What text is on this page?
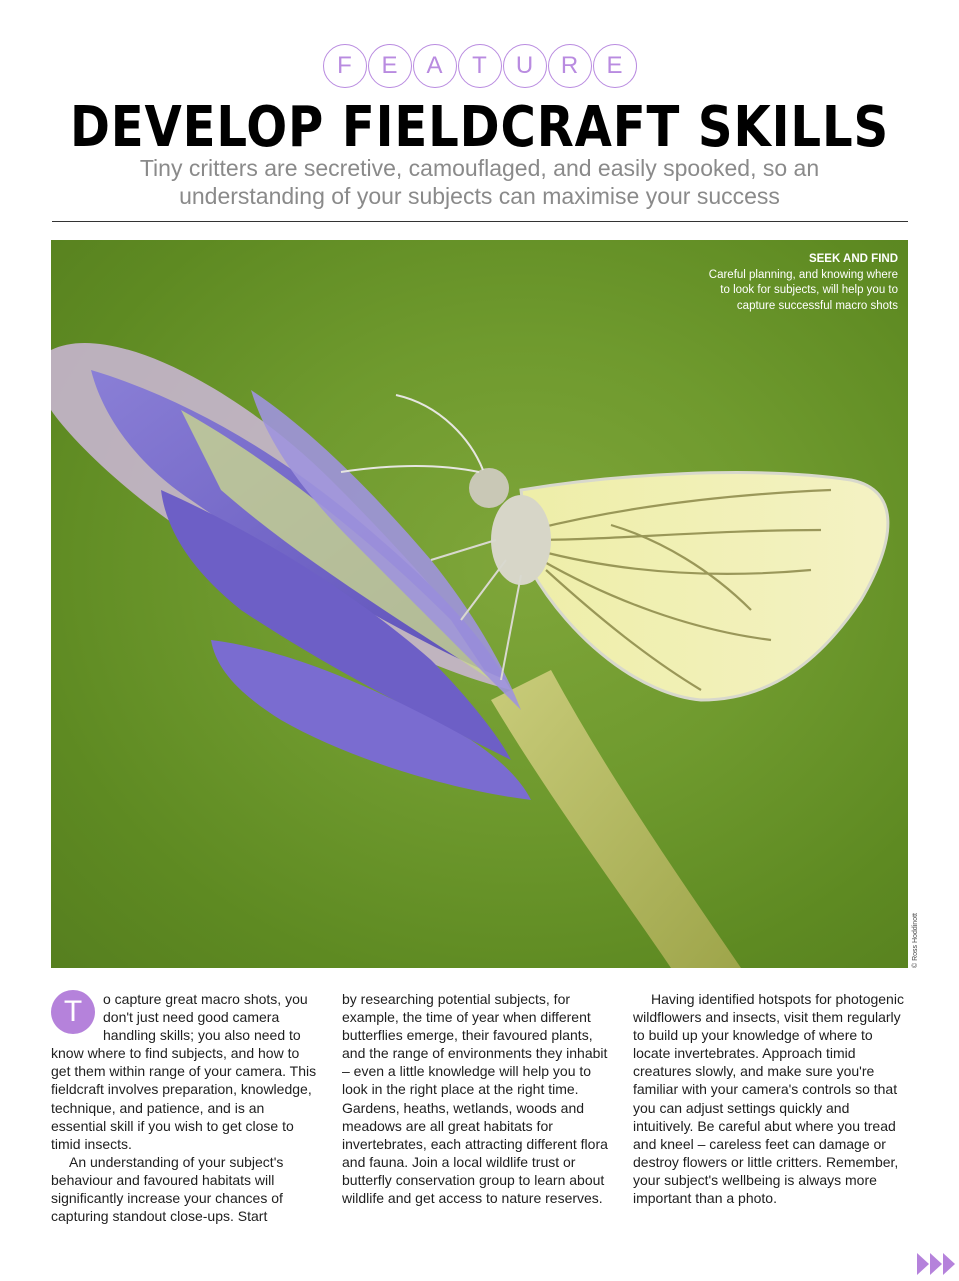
F	E	A	T	U	R	E
DEVELOP FIELDCRAFT SKILLS

Tiny critters are secretive, camouflaged, and easily spooked, so an understanding of your subjects can maximise your success

SEEK AND FIND
Careful planning, and knowing where to look for subjects, will help you to capture successful macro shots
© Ross Hoddinott

T	o capture great macro shots, you don't just need good camera handling skills; you also need to know where to find subjects, and how to get them within range of your camera. This fieldcraft involves preparation, knowledge, technique, and patience, and is an essential skill if you wish to get close to timid insects.

An understanding of your subject's behaviour and favoured habitats will significantly increase your chances of capturing standout close-ups. Start

by researching potential subjects, for example, the time of year when different butterflies emerge, their favoured plants, and the range of environments they inhabit – even a little knowledge will help you to look in the right place at the right time. Gardens, heaths, wetlands, woods and meadows are all great habitats for invertebrates, each attracting different flora and fauna. Join a local wildlife trust or butterfly conservation group to learn about wildlife and get access to nature reserves.

Having identified hotspots for photogenic wildflowers and insects, visit them regularly to build up your knowledge of where to locate invertebrates. Approach timid creatures slowly, and make sure you're familiar with your camera's controls so that you can adjust settings quickly and intuitively. Be careful abut where you tread and kneel – careless feet can damage or destroy flowers or little critters. Remember, your subject's wellbeing is always more important than a photo.
